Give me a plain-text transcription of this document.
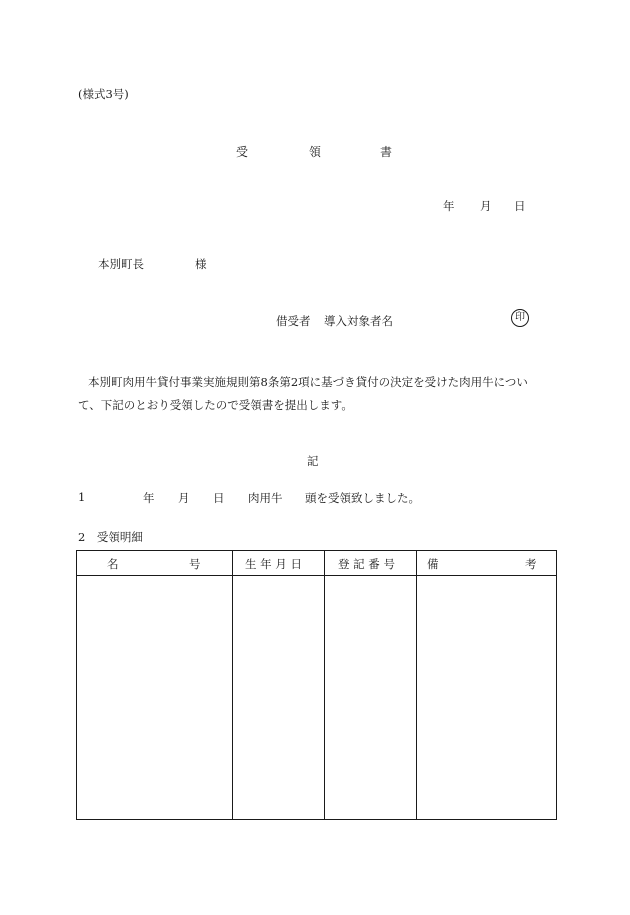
(様式3号)
受	領	書
年 月 日
本別町長	様
借受者 導入対象者名	印

本別町肉用牛貸付事業実施規則第8条第2項に基づき貸付の決定を受けた肉用牛につい

て、下記のとおり受領したので受領書を提出します。

記
1	年 月 日 肉用牛 頭を受領致しました。
2　受領明細
名 号	生 年 月 日	登 記 番 号	備 考
